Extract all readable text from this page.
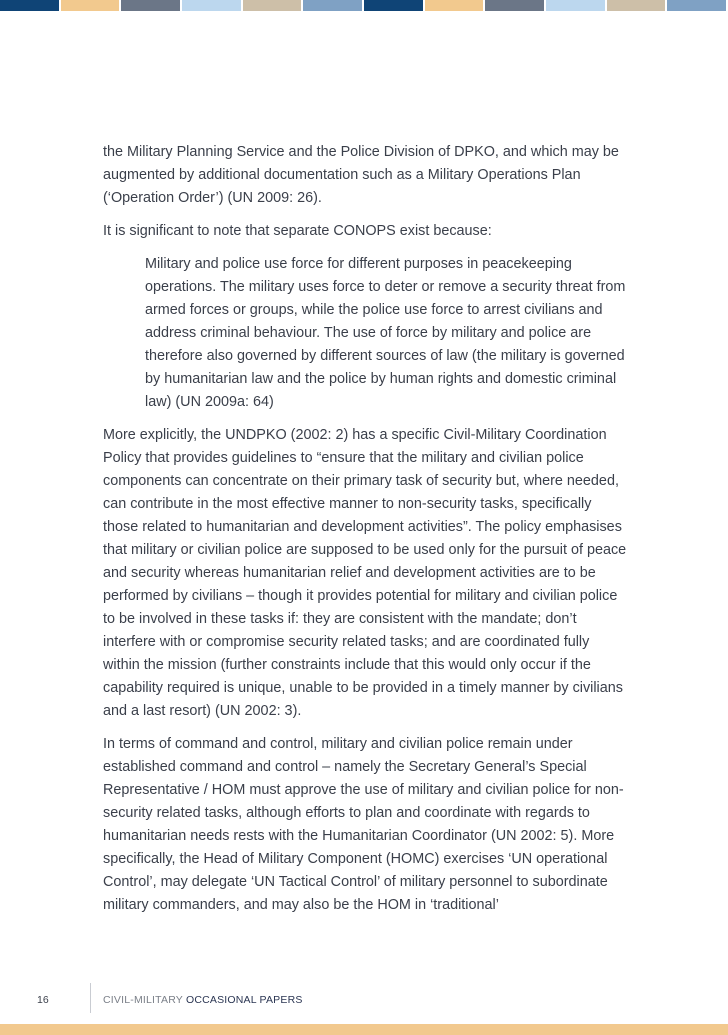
the Military Planning Service and the Police Division of DPKO, and which may be augmented by additional documentation such as a Military Operations Plan (‘Operation Order’) (UN 2009: 26).

It is significant to note that separate CONOPS exist because:

Military and police use force for different purposes in peacekeeping operations. The military uses force to deter or remove a security threat from armed forces or groups, while the police use force to arrest civilians and address criminal behaviour. The use of force by military and police are therefore also governed by different sources of law (the military is governed by humanitarian law and the police by human rights and domestic criminal law) (UN 2009a: 64)

More explicitly, the UNDPKO (2002: 2) has a specific Civil-Military Coordination Policy that provides guidelines to “ensure that the military and civilian police components can concentrate on their primary task of security but, where needed, can contribute in the most effective manner to non-security tasks, specifically those related to humanitarian and development activities”. The policy emphasises that military or civilian police are supposed to be used only for the pursuit of peace and security whereas humanitarian relief and development activities are to be performed by civilians – though it provides potential for military and civilian police to be involved in these tasks if: they are consistent with the mandate; don’t interfere with or compromise security related tasks; and are coordinated fully within the mission (further constraints include that this would only occur if the capability required is unique, unable to be provided in a timely manner by civilians and a last resort) (UN 2002: 3).

In terms of command and control, military and civilian police remain under established command and control – namely the Secretary General’s Special Representative / HOM must approve the use of military and civilian police for non-security related tasks, although efforts to plan and coordinate with regards to humanitarian needs rests with the Humanitarian Coordinator (UN 2002: 5). More specifically, the Head of Military Component (HOMC) exercises ‘UN operational Control’, may delegate ‘UN Tactical Control’ of military personnel to subordinate military commanders, and may also be the HOM in ‘traditional’

16	CIVIL-MILITARY OCCASIONAL PAPERS
